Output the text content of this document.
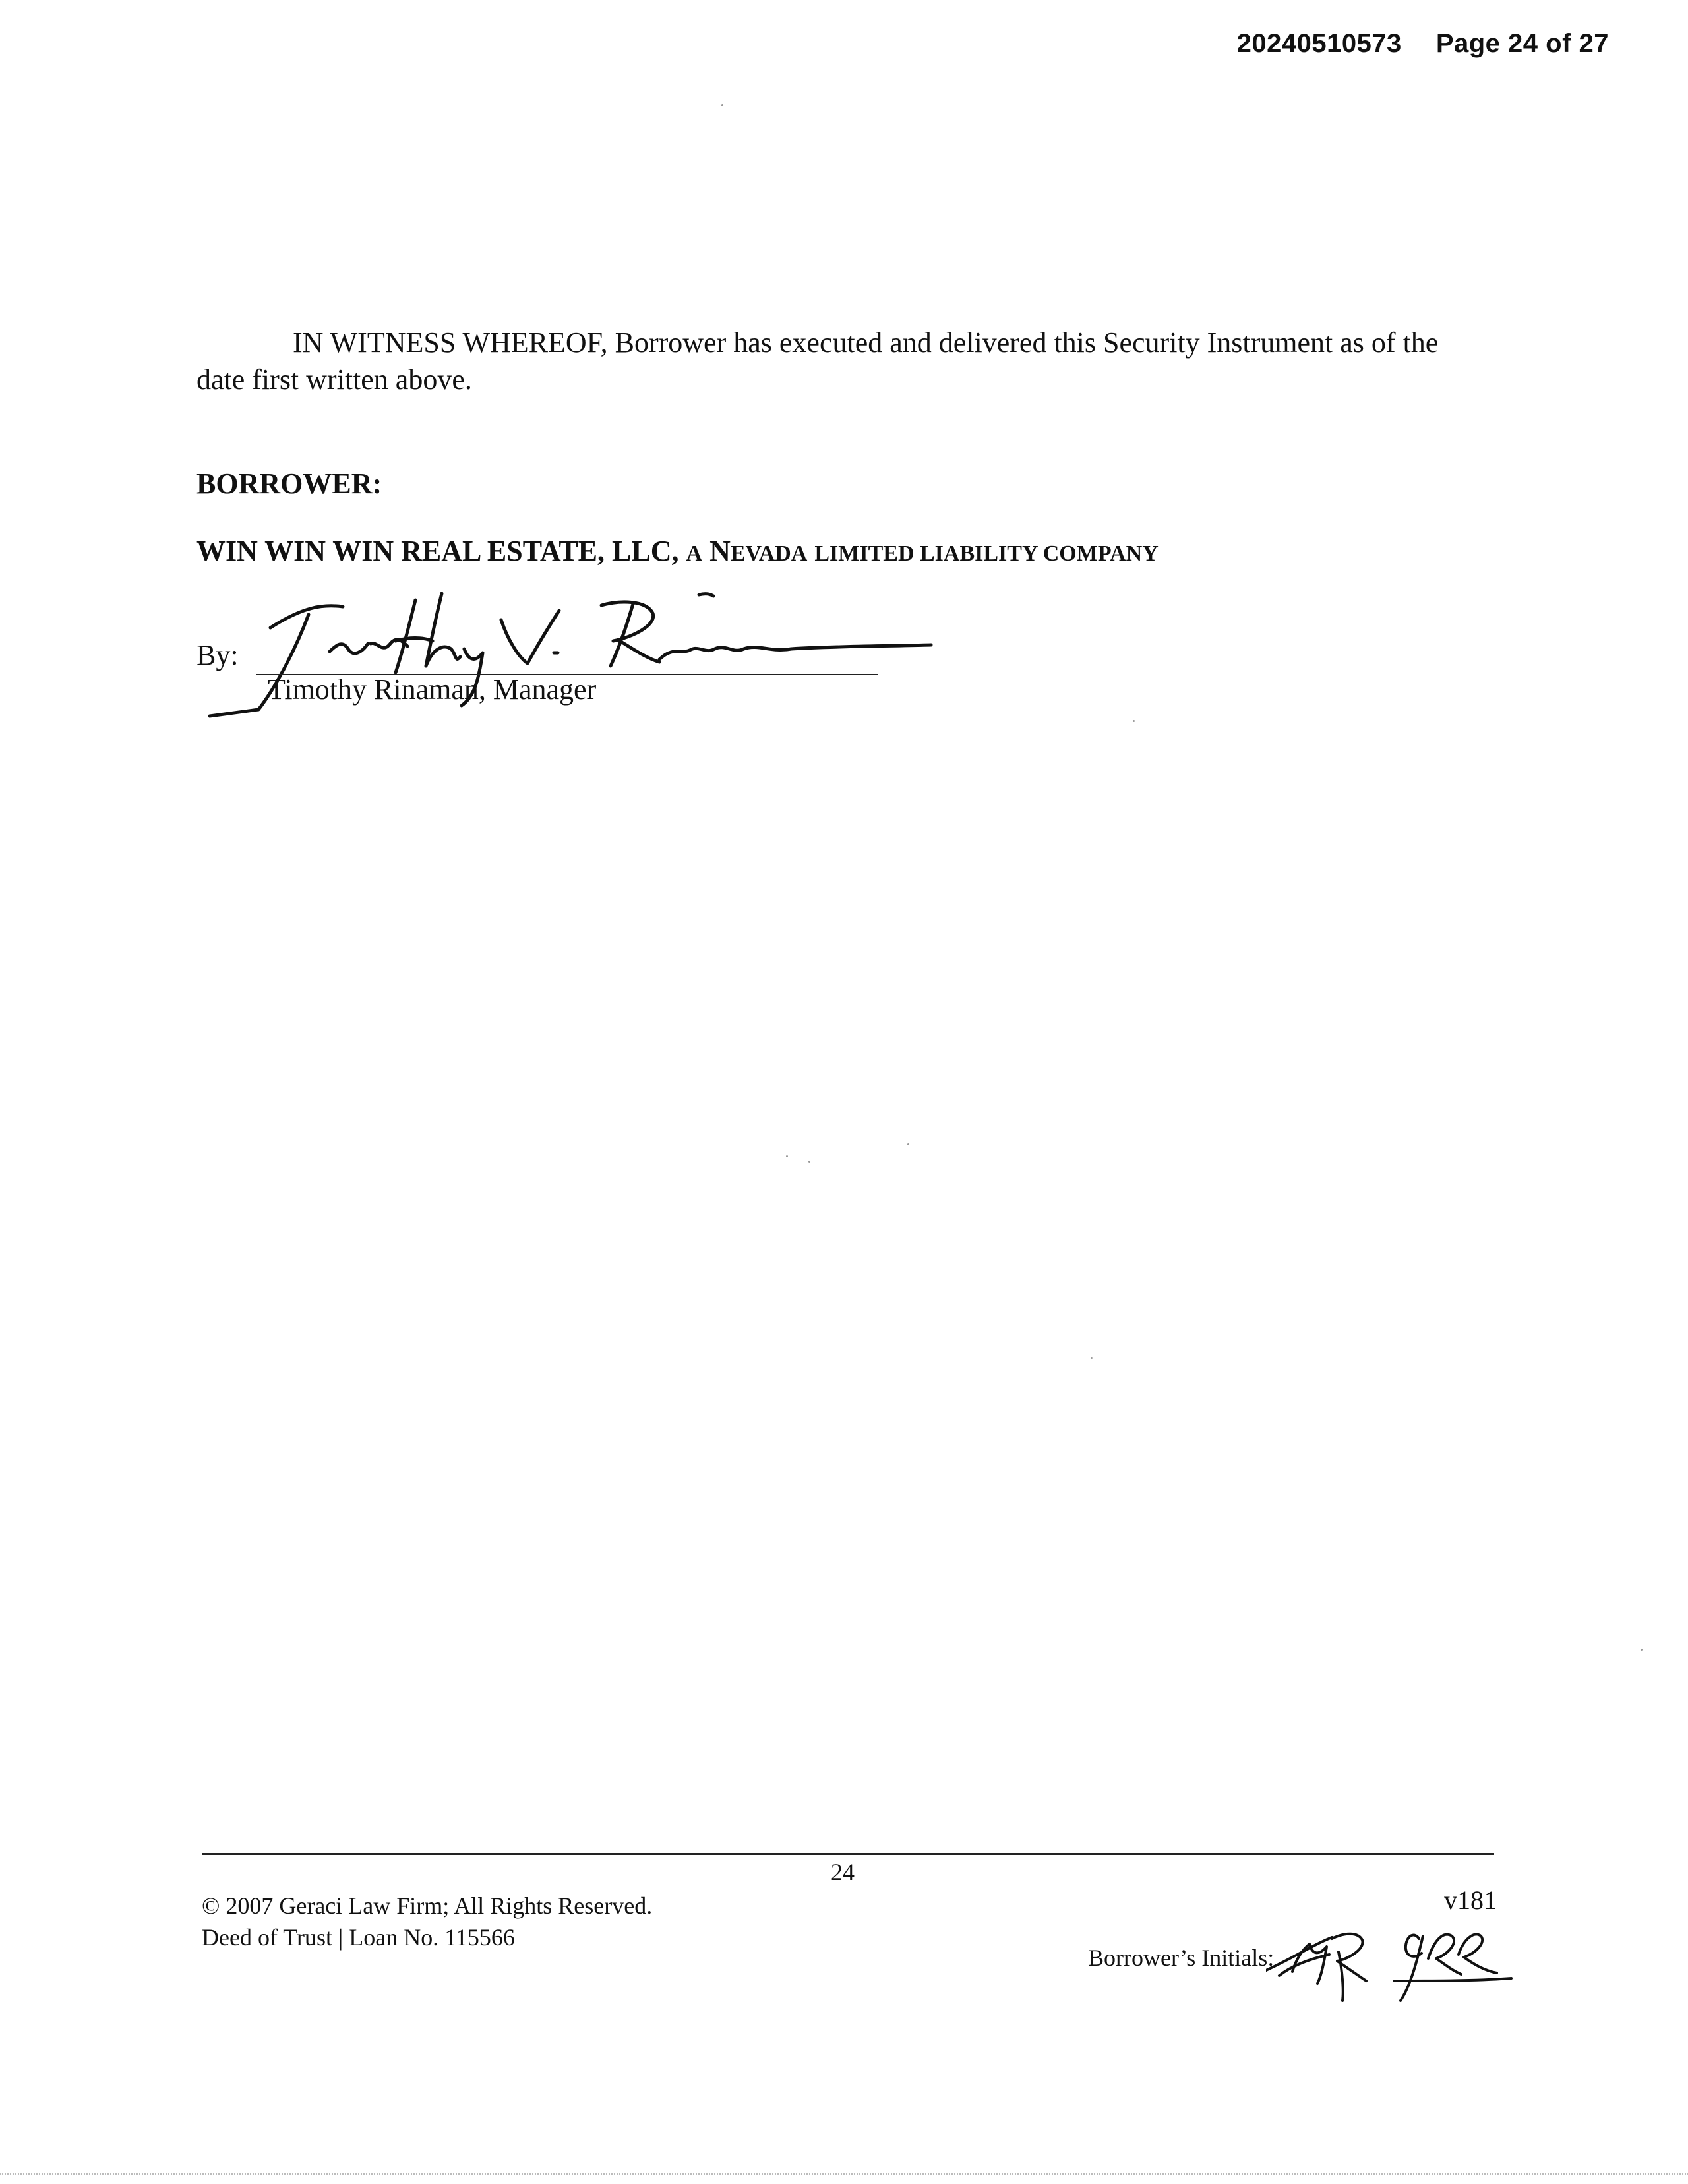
20240510573 Page 24 of 27
IN WITNESS WHEREOF, Borrower has executed and delivered this Security Instrument as of the
date first written above.
BORROWER:
WIN WIN WIN REAL ESTATE, LLC, A NEVADA LIMITED LIABILITY COMPANY
By:
Timothy Rinaman, Manager
24
© 2007 Geraci Law Firm; All Rights Reserved.
Deed of Trust | Loan No. 115566
v181
Borrower’s Initials:
